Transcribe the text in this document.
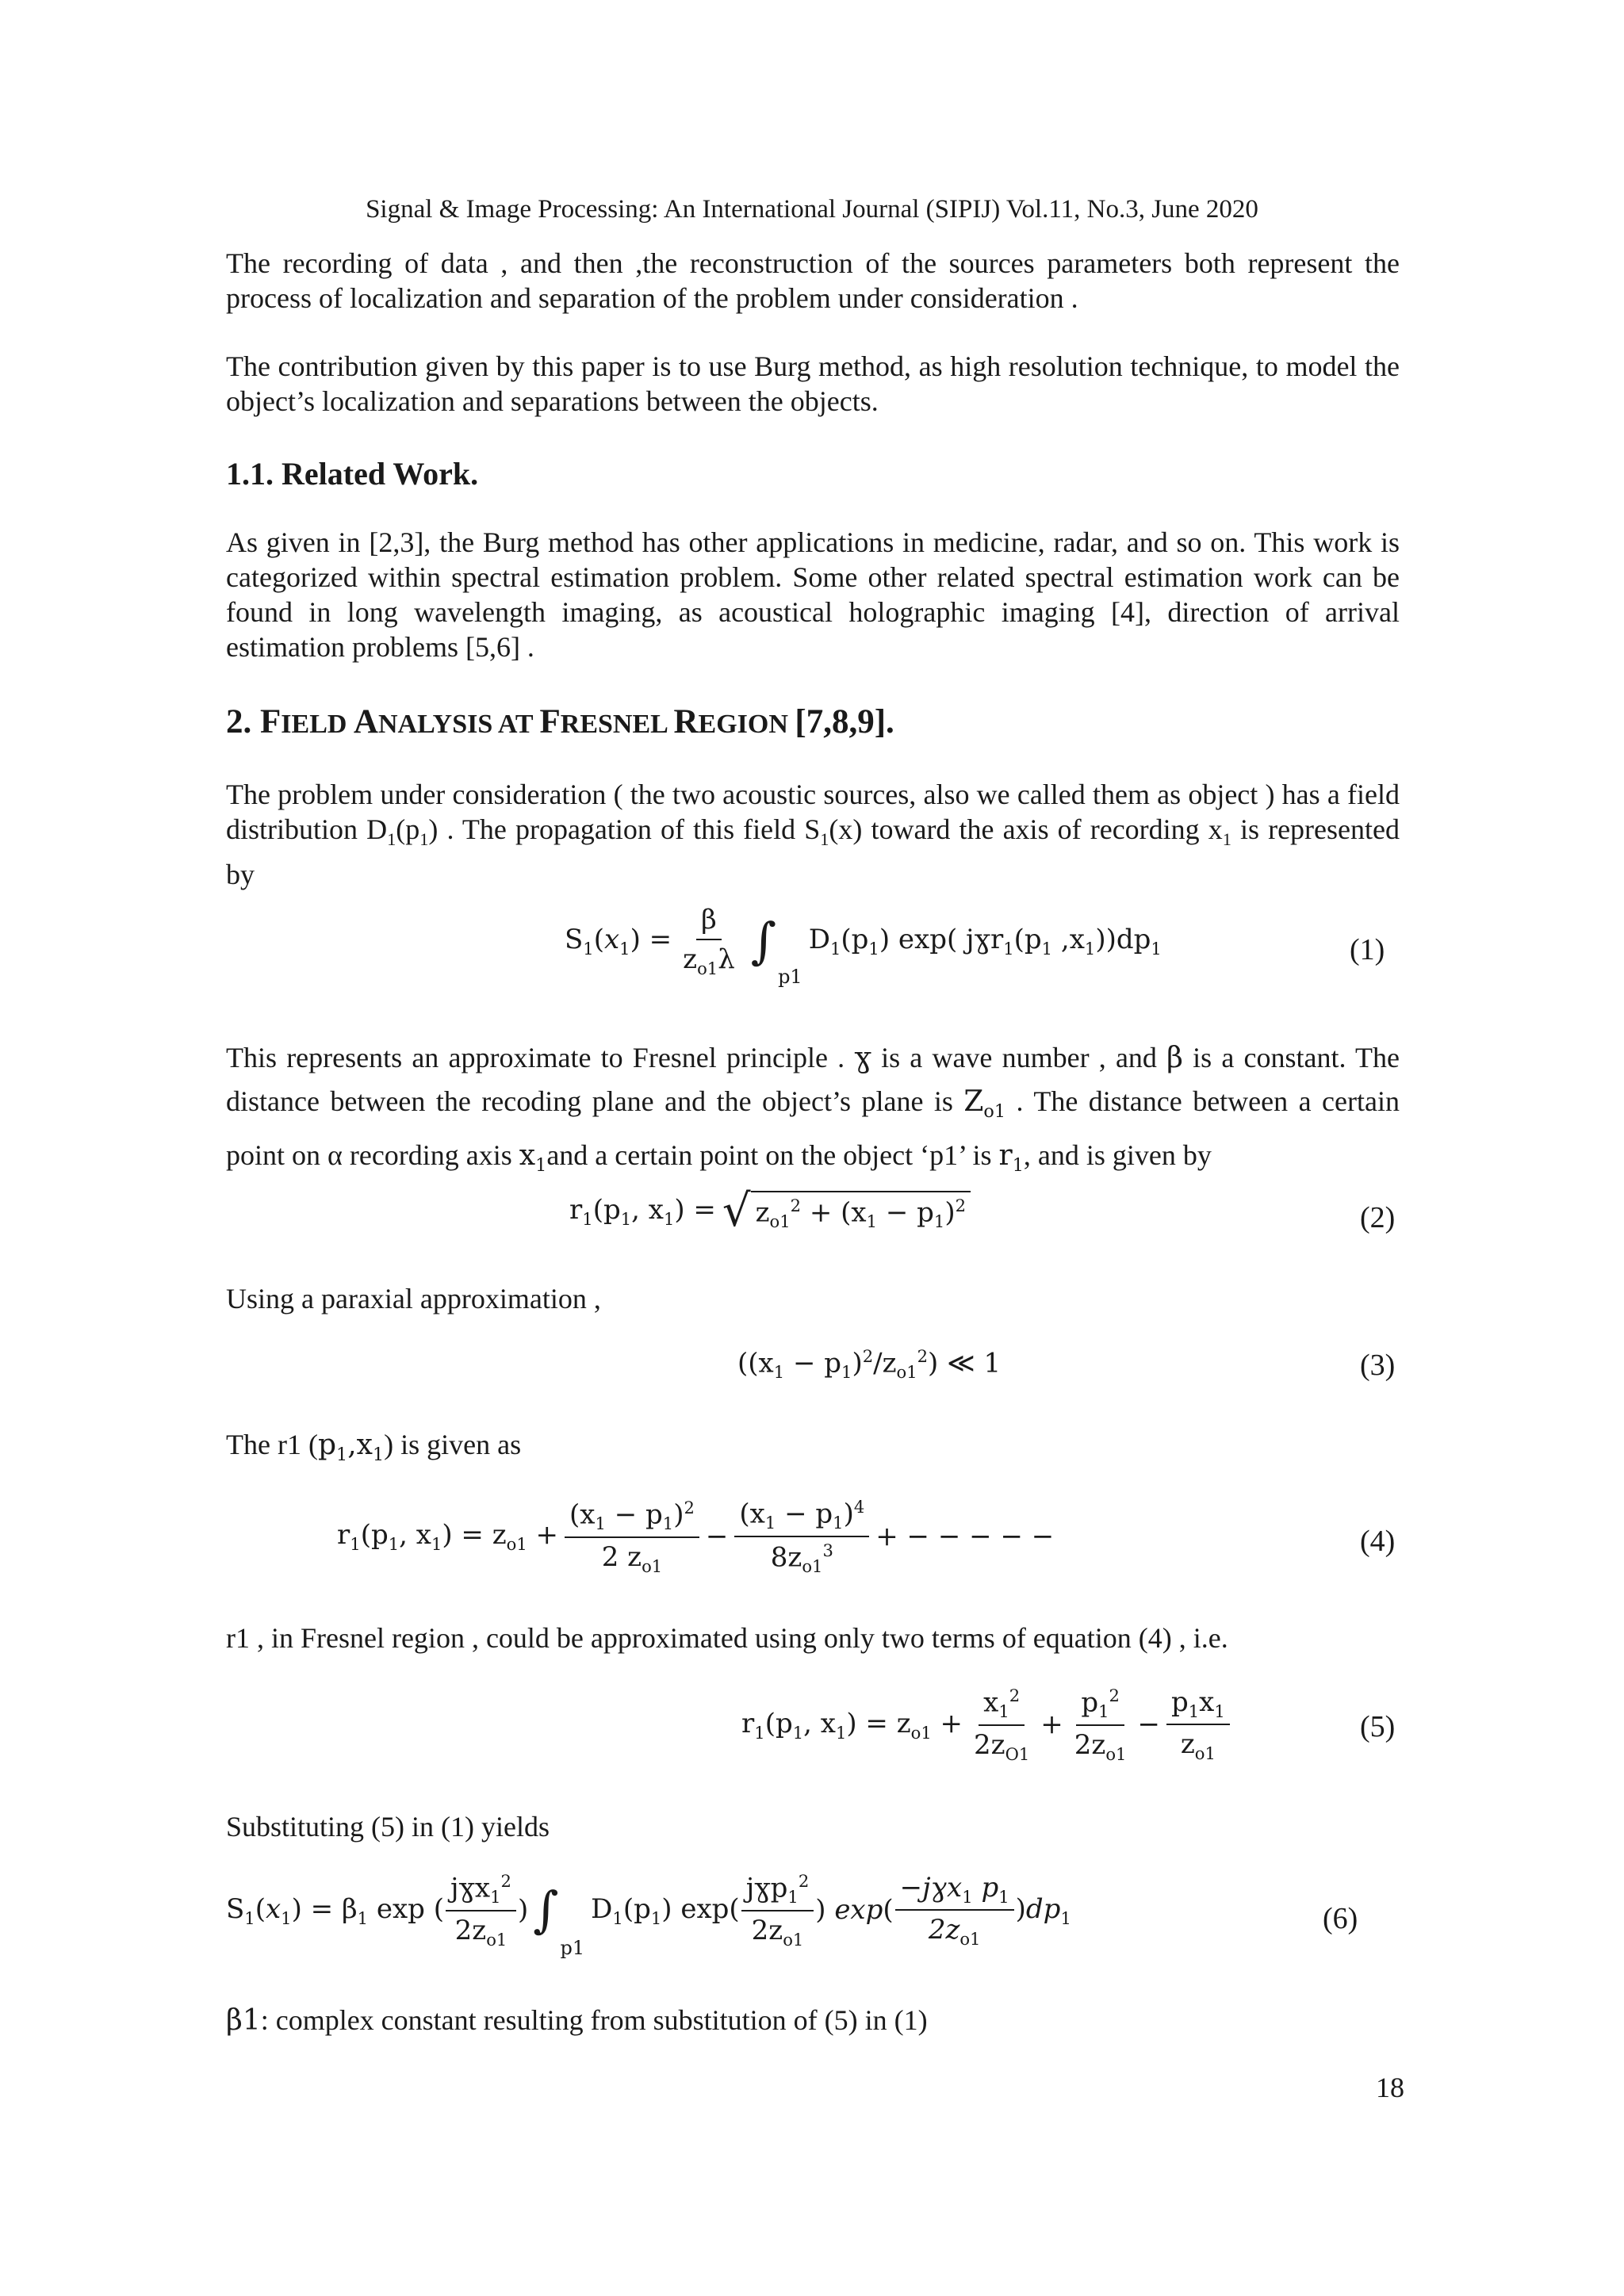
Signal & Image Processing: An International Journal (SIPIJ) Vol.11, No.3, June 2020
The recording of data , and then ,the reconstruction of the sources parameters both represent the process of localization and separation of the problem under consideration .
The contribution given by this paper is to use Burg method, as high resolution technique, to model the object’s localization and separations between the objects.
1.1. Related Work.
As given in [2,3], the Burg method has other applications in medicine, radar, and so on. This work is categorized within spectral estimation problem. Some other related spectral estimation work can be found in long wavelength imaging, as acoustical holographic imaging [4], direction of arrival estimation problems [5,6] .
2. FIELD ANALYSIS AT FRESNEL REGION [7,8,9].
The problem under consideration ( the two acoustic sources, also we called them as object ) has a field distribution $D_1(p_1)$ . The propagation of this field $S_1(x)$ toward the axis of recording $x_1$ is represented by
$S_1(x_1) = \frac{\beta}{z_{o1}\lambda}$ ∫
p1
$D_1(p_1)$ exp( $jɣr_1(p_1$ $,x_1))dp_1$	(1)
This represents an approximate to Fresnel principle . ɣ is a wave number , and β is a constant. The distance between the recoding plane and the object’s plane is $Z_{o1}$ . The distance between a certain point on α recording axis $x_1and$ a certain point on the object ‘p1’ is $r_1$, and is given by
$r_1(p_1$, $x_1$) = √ $z_{o1}^2 + (x_1 - p_1)^2$	(2)
Using a paraxial approximation ,
$((x_1 - p_1)^2/z_{o1}^2)$ ≪ 1	(3)
The r1 $(p_1,x_1)$ is given as
$r_1(p_1$, $x_1) = z_{o1} + \frac{(x_1 - p_1)^2}{2 z_{o1}} - \frac{(x_1 - p_1)^4}{8z_{o1}^3}$ + − − − − −	(4)
r1 , in Fresnel region , could be approximated using only two terms of equation (4) , i.e.
$r_1(p_1$, $x_1) = z_{o1} + \frac{x_1^2}{2z_{O1}} + \frac{p_1^2}{2z_{o1}} - \frac{p_1x_1}{z_{o1}}$	(5)
Substituting (5) in (1) yields
$S_1(x_1) = \beta_1$ exp ( $\frac{jɣx_1^2}{2z_{o1}}$ ) ∫
p1
$D_1(p_1)$ $\exp( \frac{jɣp_1^2}{2z_{o1}}$ ) $\exp( \frac{-jɣx_1 p_1}{2z_{o1}} )dp_1$	(6)
β1: complex constant resulting from substitution of (5) in (1)
18
